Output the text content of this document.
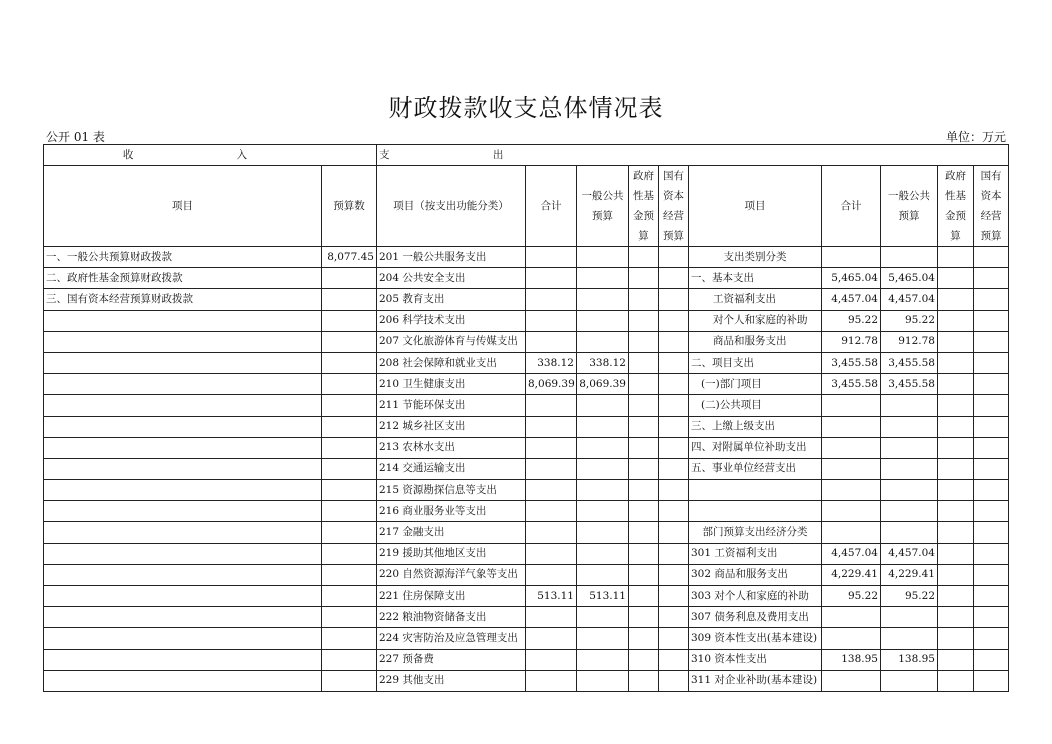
财政拨款收支总体情况表
公开 01 表	单位：万元
收 入		支 出									
项目	预算数	项目（按支出功能分类）	合计	一般公共预算	政府性基金预算	国有资本经营预算	项目	合计	一般公共预算	政府性基金预算	国有资本经营预算
一、一般公共预算财政拨款	8,077.45	201 一般公共服务支出					支出类别分类				
二、政府性基金预算财政拨款		204 公共安全支出					一、基本支出	5,465.04	5,465.04		
三、国有资本经营预算财政拨款		205 教育支出					工资福利支出	4,457.04	4,457.04		
		206 科学技术支出					对个人和家庭的补助	95.22	95.22		
		207 文化旅游体育与传媒支出					商品和服务支出	912.78	912.78		
		208 社会保障和就业支出	338.12	338.12			二、项目支出	3,455.58	3,455.58		
		210 卫生健康支出	8,069.39	8,069.39			(一)部门项目	3,455.58	3,455.58		
		211 节能环保支出					(二)公共项目				
		212 城乡社区支出					三、上缴上级支出				
		213 农林水支出					四、对附属单位补助支出				
		214 交通运输支出					五、事业单位经营支出				
		215 资源勘探信息等支出									
		216 商业服务业等支出									
		217 金融支出					部门预算支出经济分类				
		219 援助其他地区支出					301 工资福利支出	4,457.04	4,457.04		
		220 自然资源海洋气象等支出					302 商品和服务支出	4,229.41	4,229.41		
		221 住房保障支出	513.11	513.11			303 对个人和家庭的补助	95.22	95.22		
		222 粮油物资储备支出					307 债务利息及费用支出				
		224 灾害防治及应急管理支出					309 资本性支出(基本建设)				
		227 预备费					310 资本性支出	138.95	138.95		
		229 其他支出					311 对企业补助(基本建设)				
